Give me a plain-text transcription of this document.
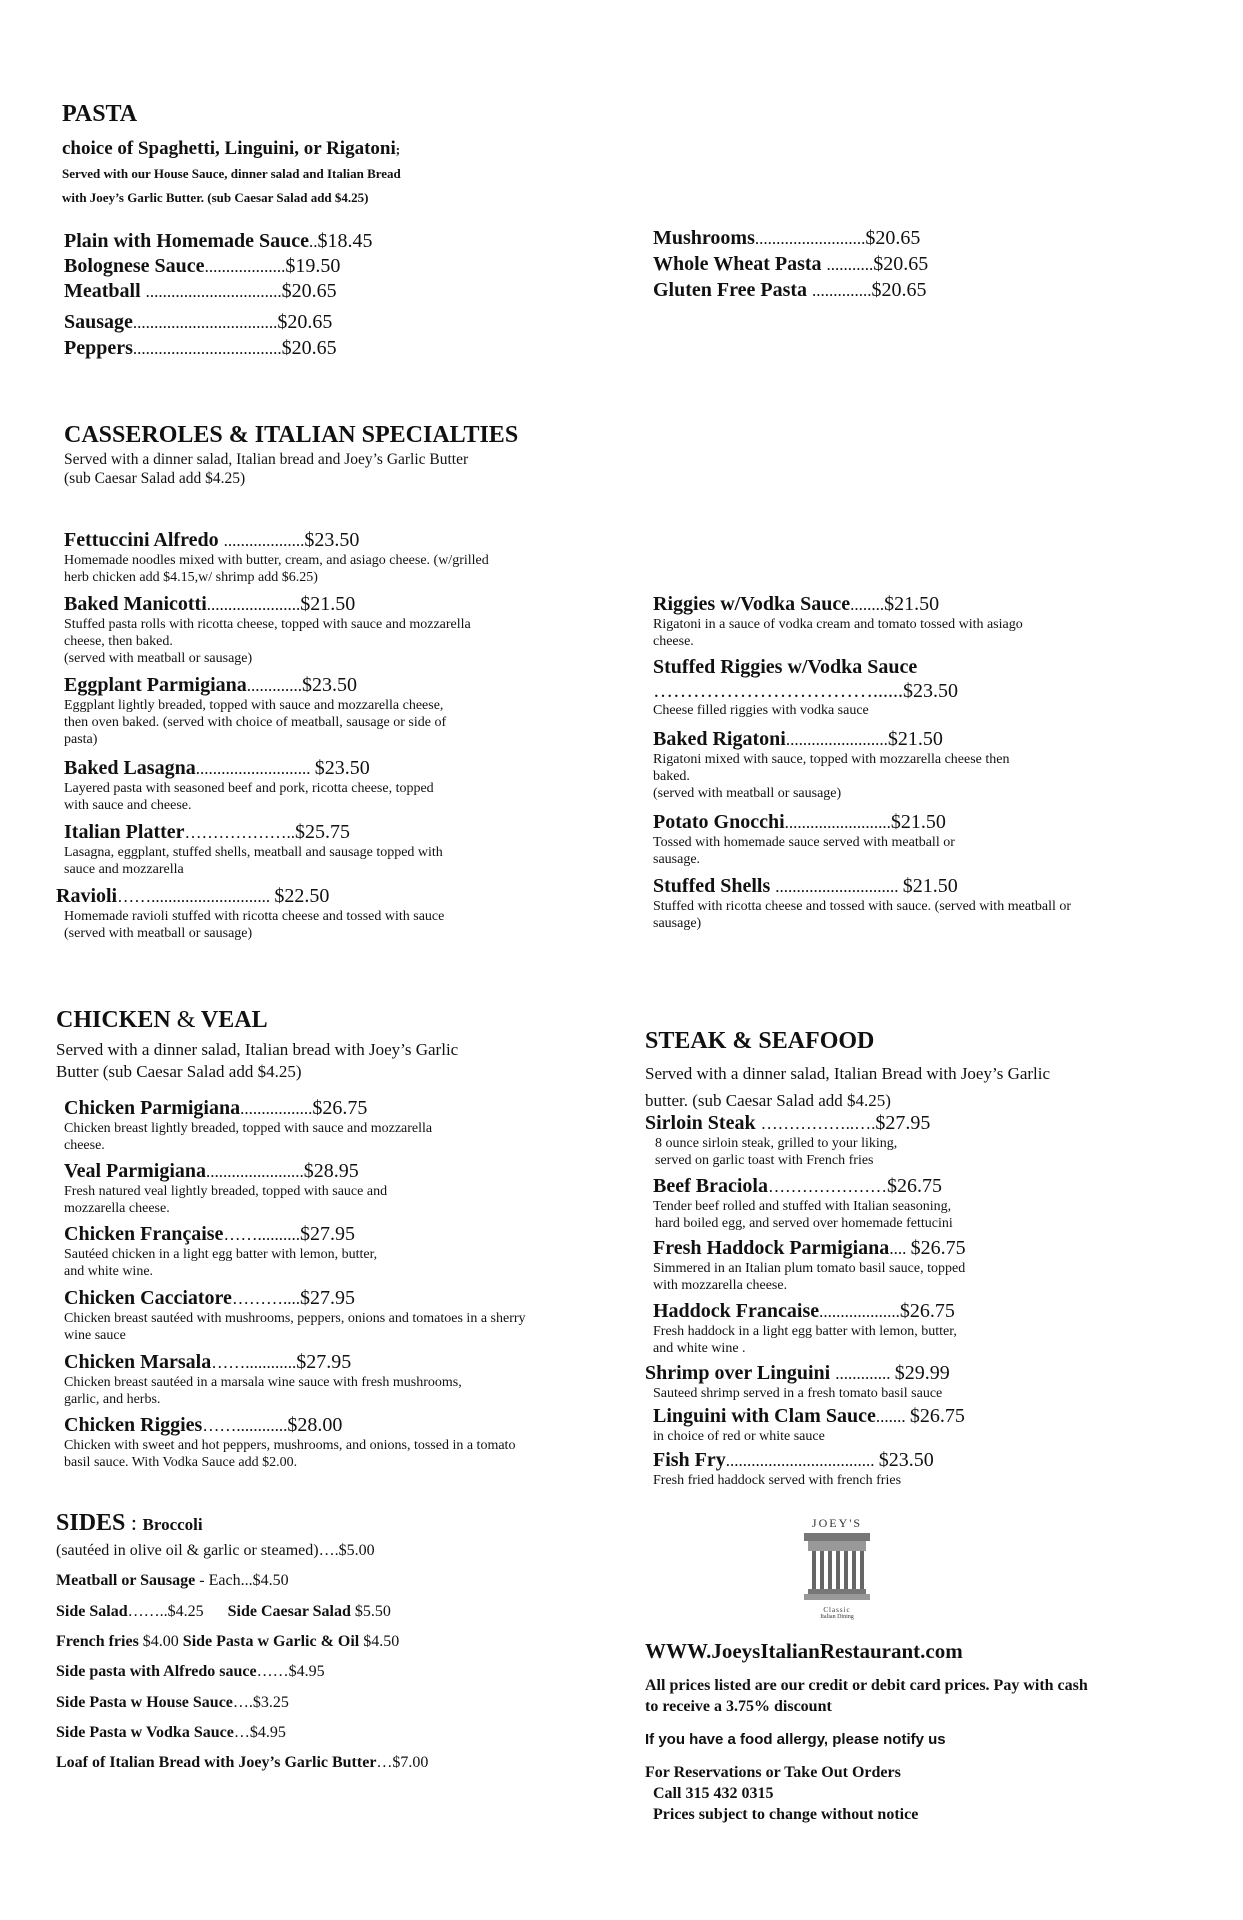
PASTA
choice of Spaghetti, Linguini, or Rigatoni;
Served with our House Sauce, dinner salad and Italian Bread
with Joey’s Garlic Butter. (sub Caesar Salad add $4.25)
Plain with Homemade Sauce..$18.45
Bolognese Sauce...................$19.50
Meatball ................................$20.65
Sausage..................................$20.65
Peppers...................................$20.65
Mushrooms..........................$20.65
Whole Wheat Pasta ...........$20.65
Gluten Free Pasta ..............$20.65
CASSEROLES & ITALIAN SPECIALTIES
Served with a dinner salad, Italian bread and Joey’s Garlic Butter
(sub Caesar Salad add $4.25)
Fettuccini Alfredo ...................$23.50
Homemade noodles mixed with butter, cream, and asiago cheese. (w/grilled
herb chicken add $4.15,w/ shrimp add $6.25)
Baked Manicotti......................$21.50
Stuffed pasta rolls with ricotta cheese, topped with sauce and mozzarella
cheese, then baked.
(served with meatball or sausage)
Eggplant Parmigiana.............$23.50
Eggplant lightly breaded, topped with sauce and mozzarella cheese,
then oven baked. (served with choice of meatball, sausage or side of
pasta)
Baked Lasagna........................... $23.50
Layered pasta with seasoned beef and pork, ricotta cheese, topped
with sauce and cheese.
Italian Platter………………..$25.75
Lasagna, eggplant, stuffed shells, meatball and sausage topped with
sauce and mozzarella
Ravioli……............................ $22.50
Homemade ravioli stuffed with ricotta cheese and tossed with sauce
(served with meatball or sausage)
Riggies w/Vodka Sauce........$21.50
Rigatoni in a sauce of vodka cream and tomato tossed with asiago
cheese.
Stuffed Riggies w/Vodka Sauce
……………………………......$23.50
Cheese filled riggies with vodka sauce
Baked Rigatoni........................$21.50
Rigatoni mixed with sauce, topped with mozzarella cheese then
baked.
(served with meatball or sausage)
Potato Gnocchi.........................$21.50
Tossed with homemade sauce served with meatball or
sausage.
Stuffed Shells ............................. $21.50
Stuffed with ricotta cheese and tossed with sauce. (served with meatball or
sausage)
CHICKEN & VEAL
Served with a dinner salad, Italian bread with Joey’s Garlic
Butter (sub Caesar Salad add $4.25)
Chicken Parmigiana.................$26.75
Chicken breast lightly breaded, topped with sauce and mozzarella
cheese.
Veal Parmigiana.......................$28.95
Fresh natured veal lightly breaded, topped with sauce and
mozzarella cheese.
Chicken Française……..........$27.95
Sautéed chicken in a light egg batter with lemon, butter,
and white wine.
Chicken Cacciatore………....$27.95
Chicken breast sautéed with mushrooms, peppers, onions and tomatoes in a sherry
wine sauce
Chicken Marsala……............$27.95
Chicken breast sautéed in a marsala wine sauce with fresh mushrooms,
garlic, and herbs.
Chicken Riggies……............$28.00
Chicken with sweet and hot peppers, mushrooms, and onions, tossed in a tomato
basil sauce. With Vodka Sauce add $2.00.
STEAK & SEAFOOD
Served with a dinner salad, Italian Bread with Joey’s Garlic
butter. (sub Caesar Salad add $4.25)
Sirloin Steak ……………..….$27.95
8 ounce sirloin steak, grilled to your liking,
served on garlic toast with French fries
Beef Braciola…………………$26.75
Tender beef rolled and stuffed with Italian seasoning,
hard boiled egg, and served over homemade fettucini
Fresh Haddock Parmigiana.... $26.75
Simmered in an Italian plum tomato basil sauce, topped
with mozzarella cheese.
Haddock Francaise...................$26.75
Fresh haddock in a light egg batter with lemon, butter,
and white wine .
Shrimp over Linguini ............. $29.99
Sauteed shrimp served in a fresh tomato basil sauce
Linguini with Clam Sauce....... $26.75
in choice of red or white sauce
Fish Fry................................... $23.50
Fresh fried haddock served with french fries
SIDES : Broccoli
(sautéed in olive oil & garlic or steamed)….$5.00
Meatball or Sausage - Each...$4.50
Side Salad……..$4.25 Side Caesar Salad $5.50
French fries $4.00 Side Pasta w Garlic & Oil $4.50
Side pasta with Alfredo sauce……$4.95
Side Pasta w House Sauce….$3.25
Side Pasta w Vodka Sauce…$4.95
Loaf of Italian Bread with Joey’s Garlic Butter…$7.00
JOEY'S
Classic
Italian Dining
WWW.JoeysItalianRestaurant.com
All prices listed are our credit or debit card prices. Pay with cash
to receive a 3.75% discount
If you have a food allergy, please notify us
For Reservations or Take Out Orders
Call 315 432 0315
Prices subject to change without notice
